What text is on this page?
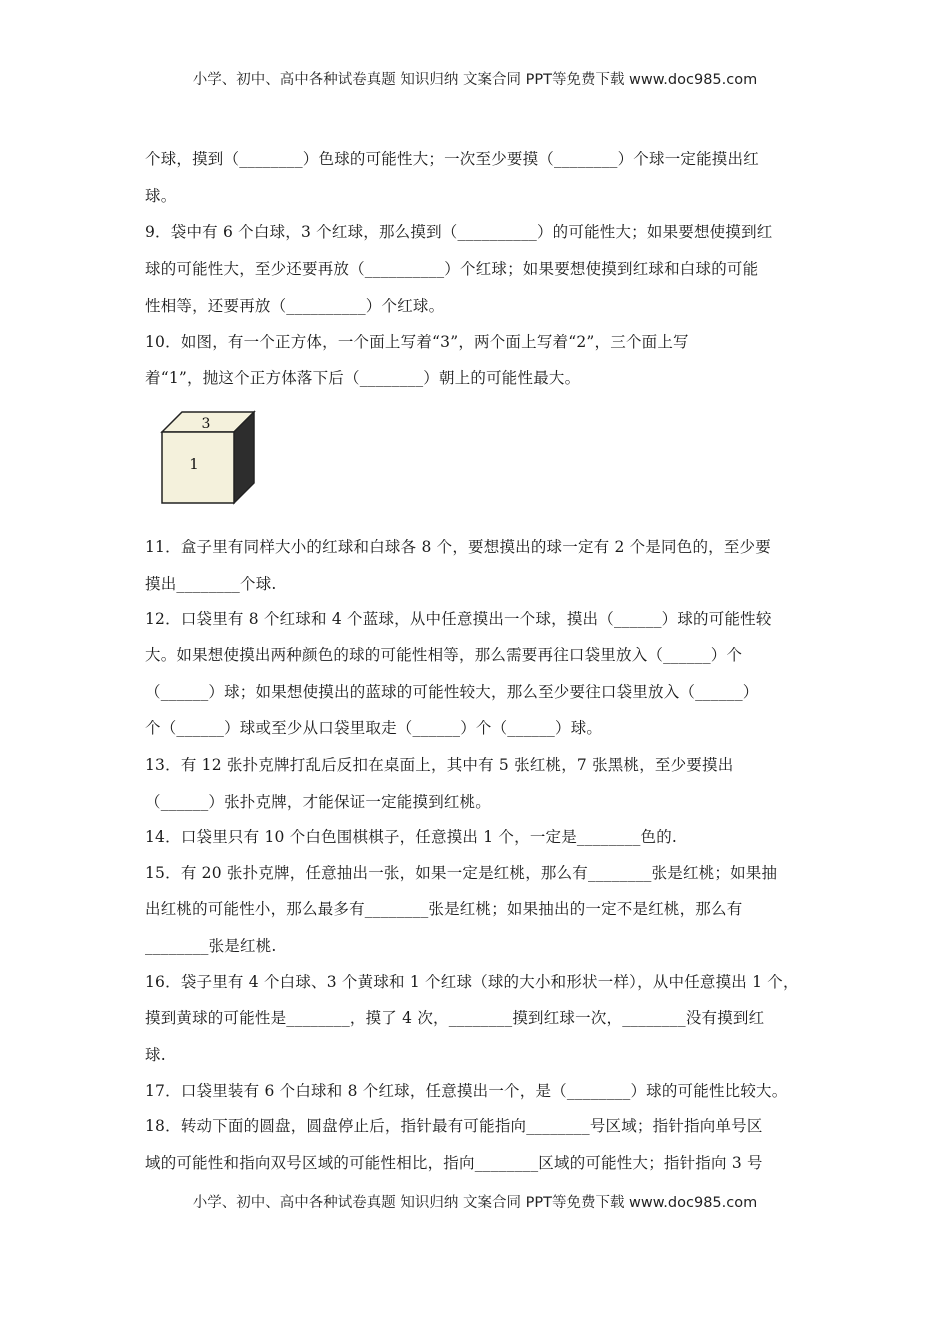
小学、初中、高中各种试卷真题 知识归纳 文案合同 PPT等免费下载 www.doc985.com
个球，摸到（________）色球的可能性大；一次至少要摸（________）个球一定能摸出红
球。
9．袋中有 6 个白球，3 个红球，那么摸到（__________）的可能性大；如果要想使摸到红
球的可能性大，至少还要再放（__________）个红球；如果要想使摸到红球和白球的可能
性相等，还要再放（__________）个红球。
10．如图，有一个正方体，一个面上写着“3”，两个面上写着“2”，三个面上写
着“1”，抛这个正方体落下后（________）朝上的可能性最大。
3
1
11．盒子里有同样大小的红球和白球各 8 个，要想摸出的球一定有 2 个是同色的，至少要
摸出________个球.
12．口袋里有 8 个红球和 4 个蓝球，从中任意摸出一个球，摸出（______）球的可能性较
大。如果想使摸出两种颜色的球的可能性相等，那么需要再往口袋里放入（______）个
（______）球；如果想使摸出的蓝球的可能性较大，那么至少要往口袋里放入（______）
个（______）球或至少从口袋里取走（______）个（______）球。
13．有 12 张扑克牌打乱后反扣在桌面上，其中有 5 张红桃，7 张黑桃，至少要摸出
（______）张扑克牌，才能保证一定能摸到红桃。
14．口袋里只有 10 个白色围棋棋子，任意摸出 1 个，一定是________色的.
15．有 20 张扑克牌，任意抽出一张，如果一定是红桃，那么有________张是红桃；如果抽
出红桃的可能性小，那么最多有________张是红桃；如果抽出的一定不是红桃，那么有
________张是红桃.
16．袋子里有 4 个白球、3 个黄球和 1 个红球（球的大小和形状一样），从中任意摸出 1 个，
摸到黄球的可能性是________，摸了 4 次，________摸到红球一次，________没有摸到红
球.
17．口袋里装有 6 个白球和 8 个红球，任意摸出一个，是（________）球的可能性比较大。
18．转动下面的圆盘，圆盘停止后，指针最有可能指向________号区域；指针指向单号区
域的可能性和指向双号区域的可能性相比，指向________区域的可能性大；指针指向 3 号
小学、初中、高中各种试卷真题 知识归纳 文案合同 PPT等免费下载 www.doc985.com
